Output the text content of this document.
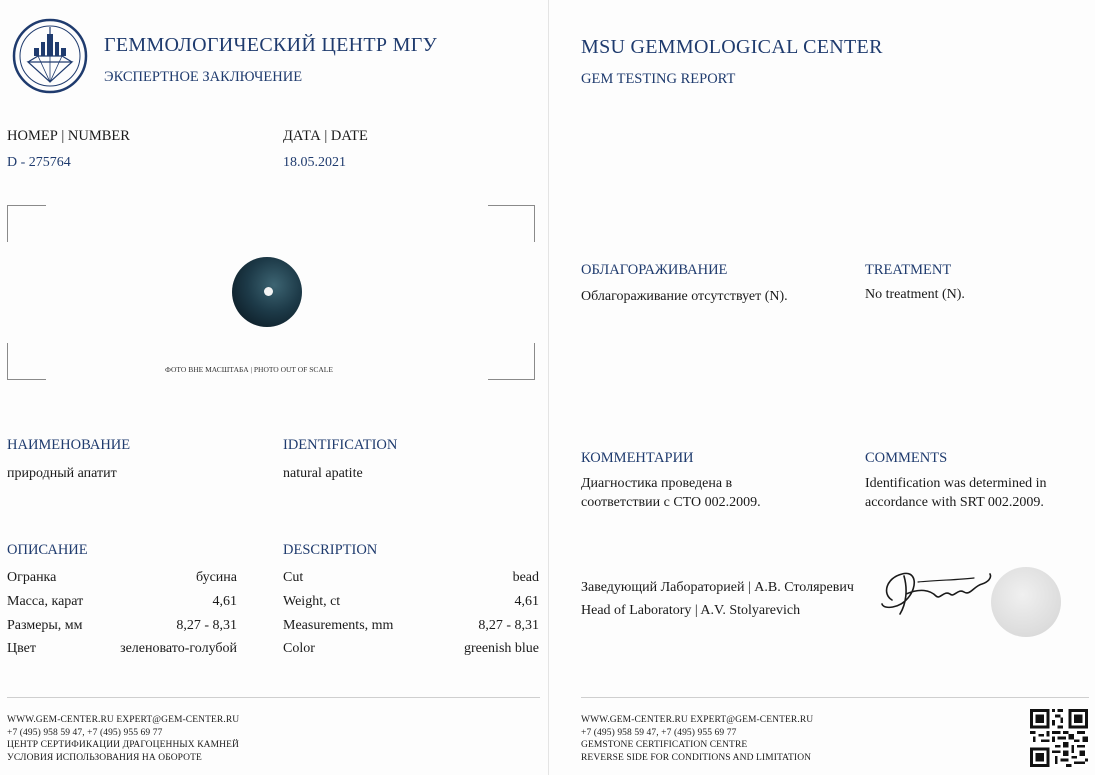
ГЕММОЛОГИЧЕСКИЙ ЦЕНТР МГУ
ЭКСПЕРТНОЕ ЗАКЛЮЧЕНИЕ
НОМЕР | NUMBER
D - 275764
ДАТА | DATE
18.05.2021
ФОТО ВНЕ МАСШТАБА | PHOTO OUT OF SCALE
НАИМЕНОВАНИЕ
природный апатит
IDENTIFICATION
natural apatite
ОПИСАНИЕ	DESCRIPTION
Огранка	бусина
Масса, карат	4,61
Размеры, мм	8,27 - 8,31
Цвет	зеленовато-голубой
Cut	bead
Weight, ct	4,61
Measurements, mm	8,27 - 8,31
Color	greenish blue
WWW.GEM-CENTER.RU EXPERT@GEM-CENTER.RU
+7 (495) 958 59 47, +7 (495) 955 69 77
ЦЕНТР СЕРТИФИКАЦИИ ДРАГОЦЕННЫХ КАМНЕЙ
УСЛОВИЯ ИСПОЛЬЗОВАНИЯ НА ОБОРОТЕ
MSU GEMMOLOGICAL CENTER
GEM TESTING REPORT
ОБЛАГОРАЖИВАНИЕ
Облагораживание отсутствует (N).
TREATMENT
No treatment (N).
КОММЕНТАРИИ
Диагностика проведена в соответствии с СТО 002.2009.
COMMENTS
Identification was determined in accordance with SRT 002.2009.
Заведующий Лабораторией | А.В. Столяревич
Head of Laboratory | A.V. Stolyarevich
WWW.GEM-CENTER.RU EXPERT@GEM-CENTER.RU
+7 (495) 958 59 47, +7 (495) 955 69 77
GEMSTONE CERTIFICATION CENTRE
REVERSE SIDE FOR CONDITIONS AND LIMITATION
